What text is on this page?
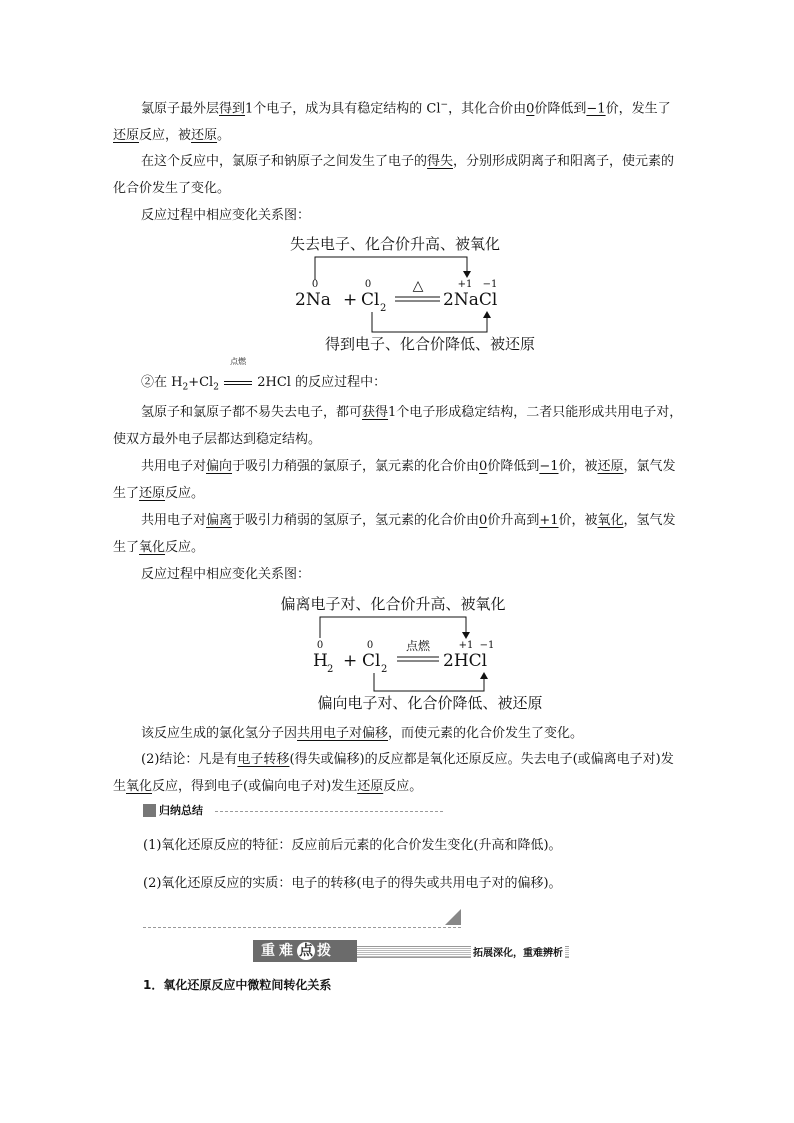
氯原子最外层得到1个电子，成为具有稳定结构的 Cl−，其化合价由0价降低到−1价，发生了还原反应，被还原。
在这个反应中，氯原子和钠原子之间发生了电子的得失，分别形成阴离子和阳离子，使元素的化合价发生了变化。
反应过程中相应变化关系图：
失去电子、化合价升高、被氧化
0	0	+1 −1
2Na + Cl 2
△
2NaCl
得到电子、化合价降低、被还原
②在 $H_2+Cl_2$
点燃
2HCl 的反应过程中：
氢原子和氯原子都不易失去电子，都可获得1个电子形成稳定结构，二者只能形成共用电子对，使双方最外电子层都达到稳定结构。
共用电子对偏向于吸引力稍强的氯原子，氯元素的化合价由0价降低到−1价，被还原，氯气发生了还原反应。
共用电子对偏离于吸引力稍弱的氢原子，氢元素的化合价由0价升高到+1价，被氧化，氢气发生了氧化反应。
反应过程中相应变化关系图：
偏离电子对、化合价升高、被氧化
0	0	+1 −1
H 2 + Cl 2
点燃
2HCl
偏向电子对、化合价降低、被还原
该反应生成的氯化氢分子因共用电子对偏移，而使元素的化合价发生了变化。
(2)结论：凡是有电子转移(得失或偏移)的反应都是氧化还原反应。失去电子(或偏离电子对)发生氧化反应，得到电子(或偏向电子对)发生还原反应。
归纳总结
(1)氧化还原反应的特征：反应前后元素的化合价发生变化(升高和降低)。
(2)氧化还原反应的实质：电子的转移(电子的得失或共用电子对的偏移)。
重难 点 拨	拓展深化，重难辨析
1．氧化还原反应中微粒间转化关系
